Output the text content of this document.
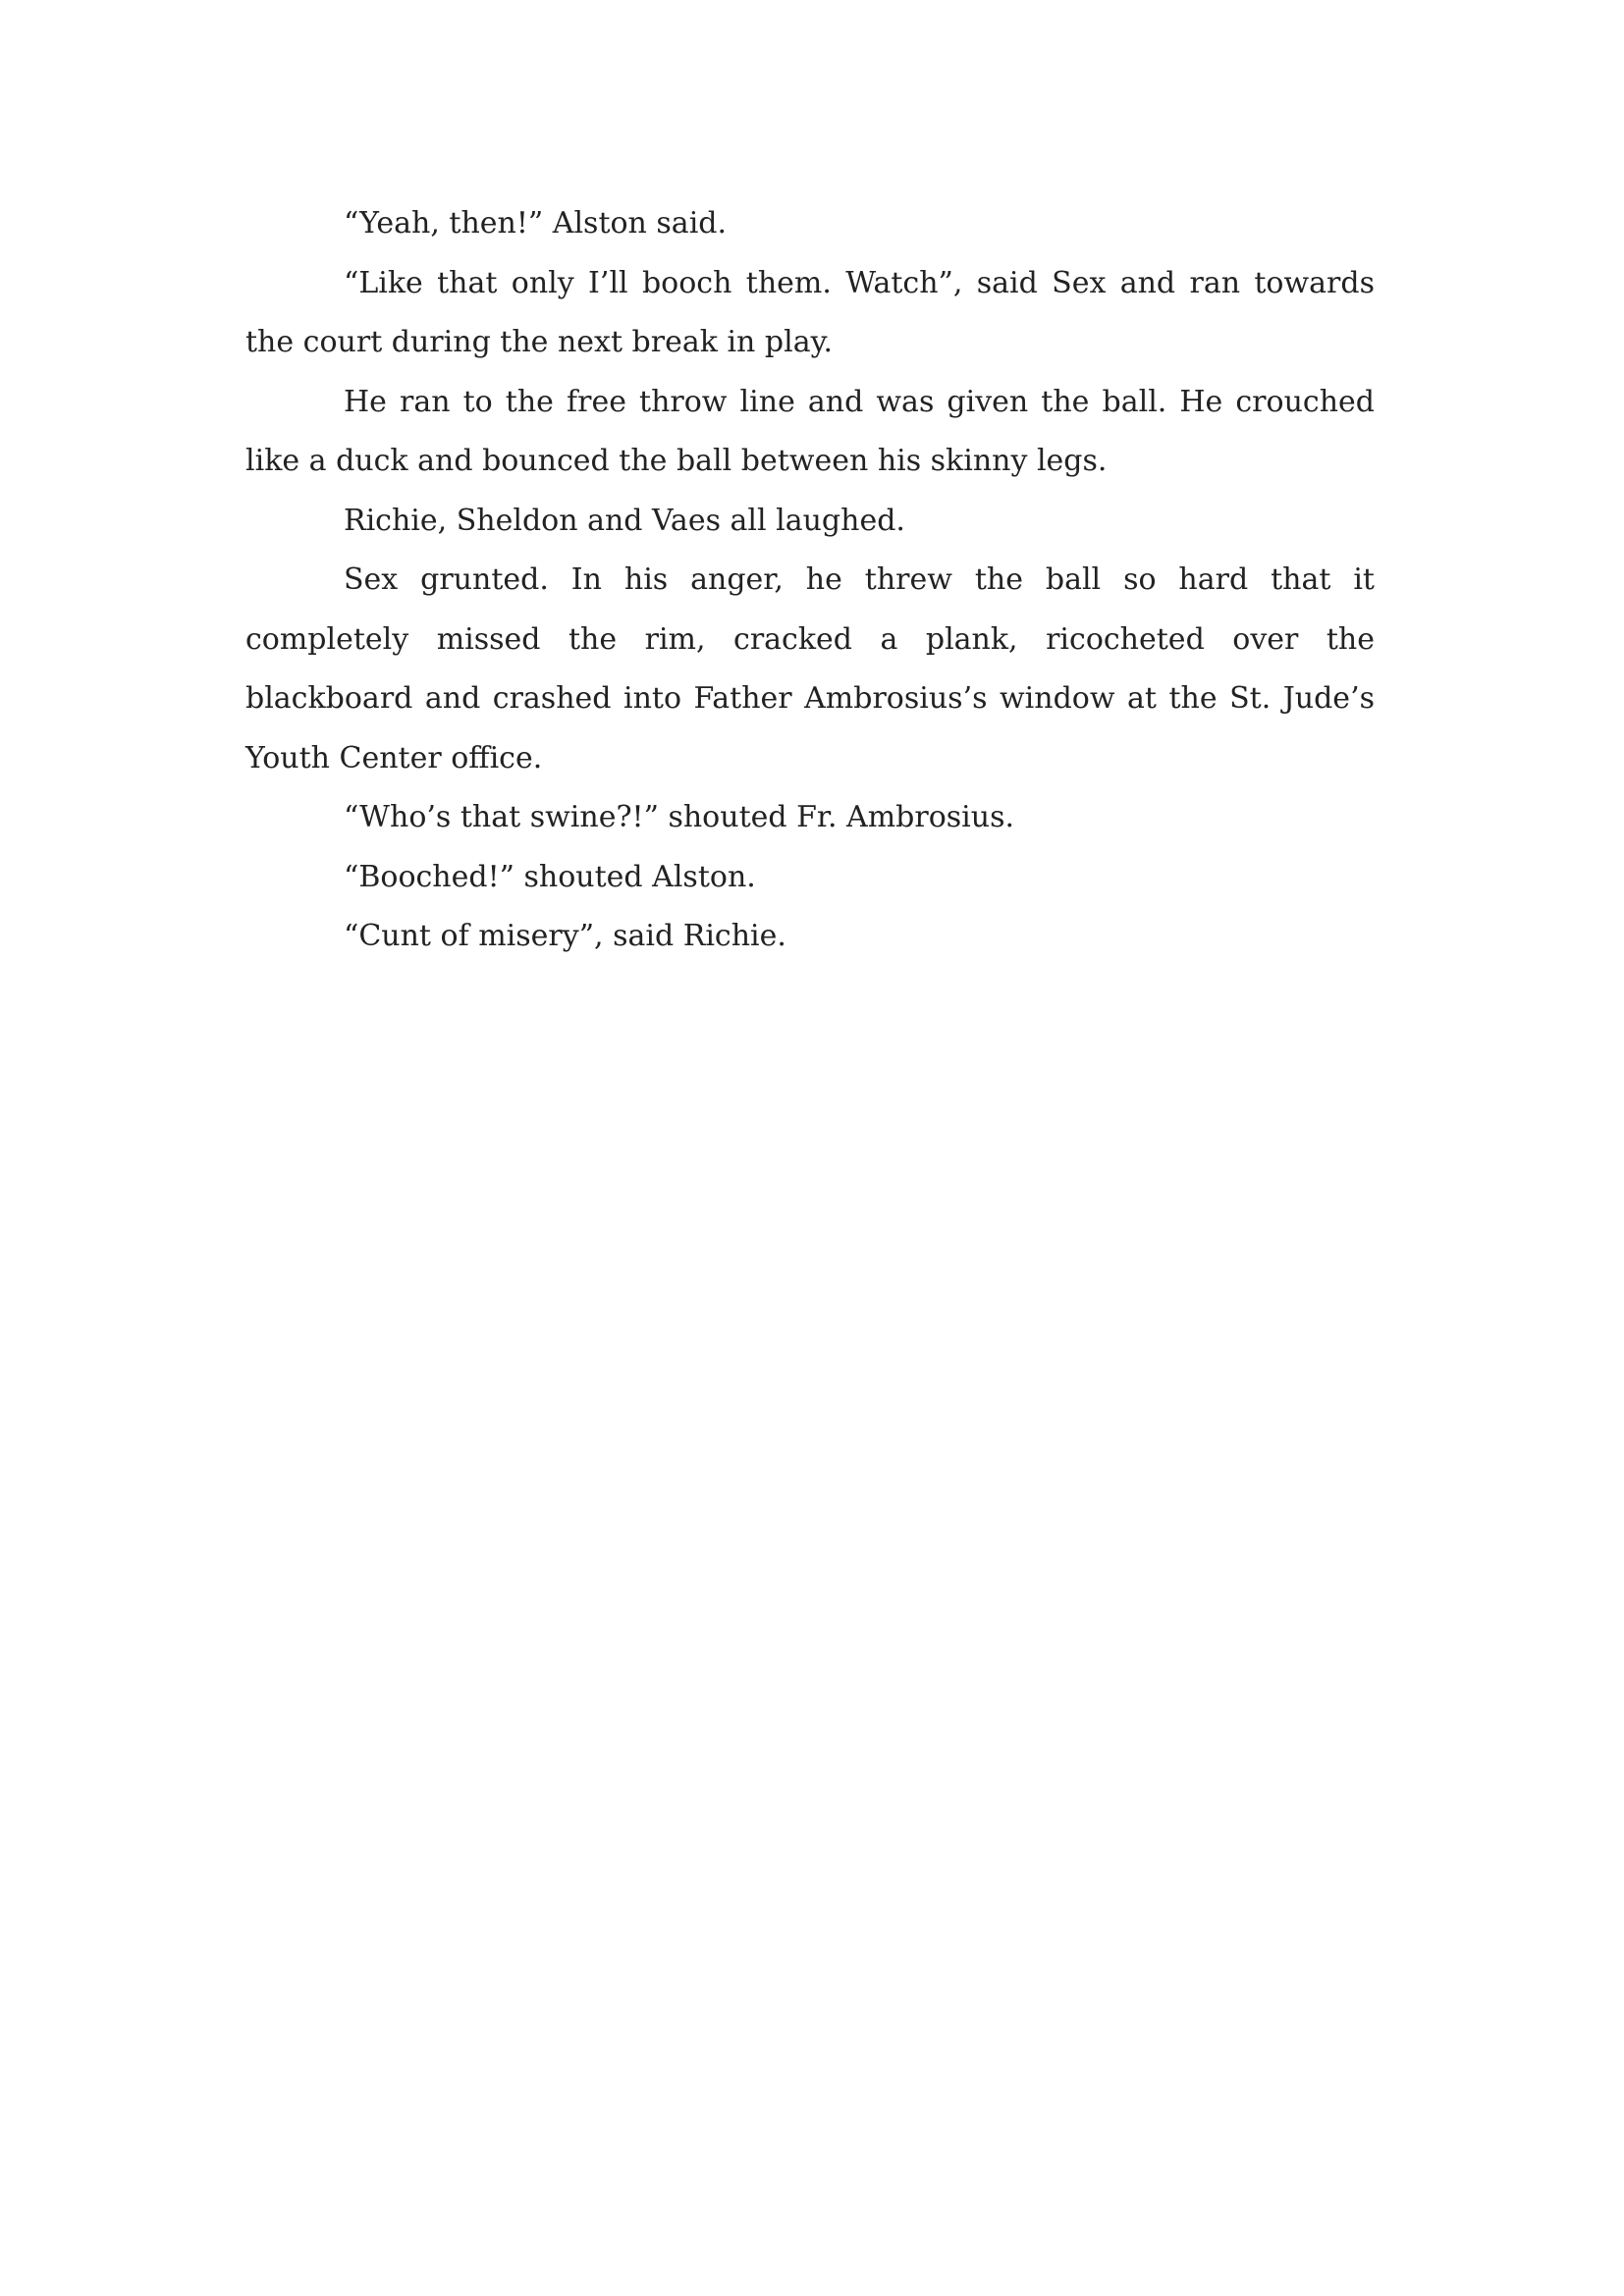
“Yeah, then!” Alston said.

“Like that only I’ll booch them. Watch”, said Sex and ran towards the court during the next break in play.

He ran to the free throw line and was given the ball. He crouched like a duck and bounced the ball between his skinny legs.

Richie, Sheldon and Vaes all laughed.

Sex grunted. In his anger, he threw the ball so hard that it completely missed the rim, cracked a plank, ricocheted over the blackboard and crashed into Father Ambrosius’s window at the St. Jude’s Youth Center office.

“Who’s that swine?!” shouted Fr. Ambrosius.

“Booched!” shouted Alston.

“Cunt of misery”, said Richie.
